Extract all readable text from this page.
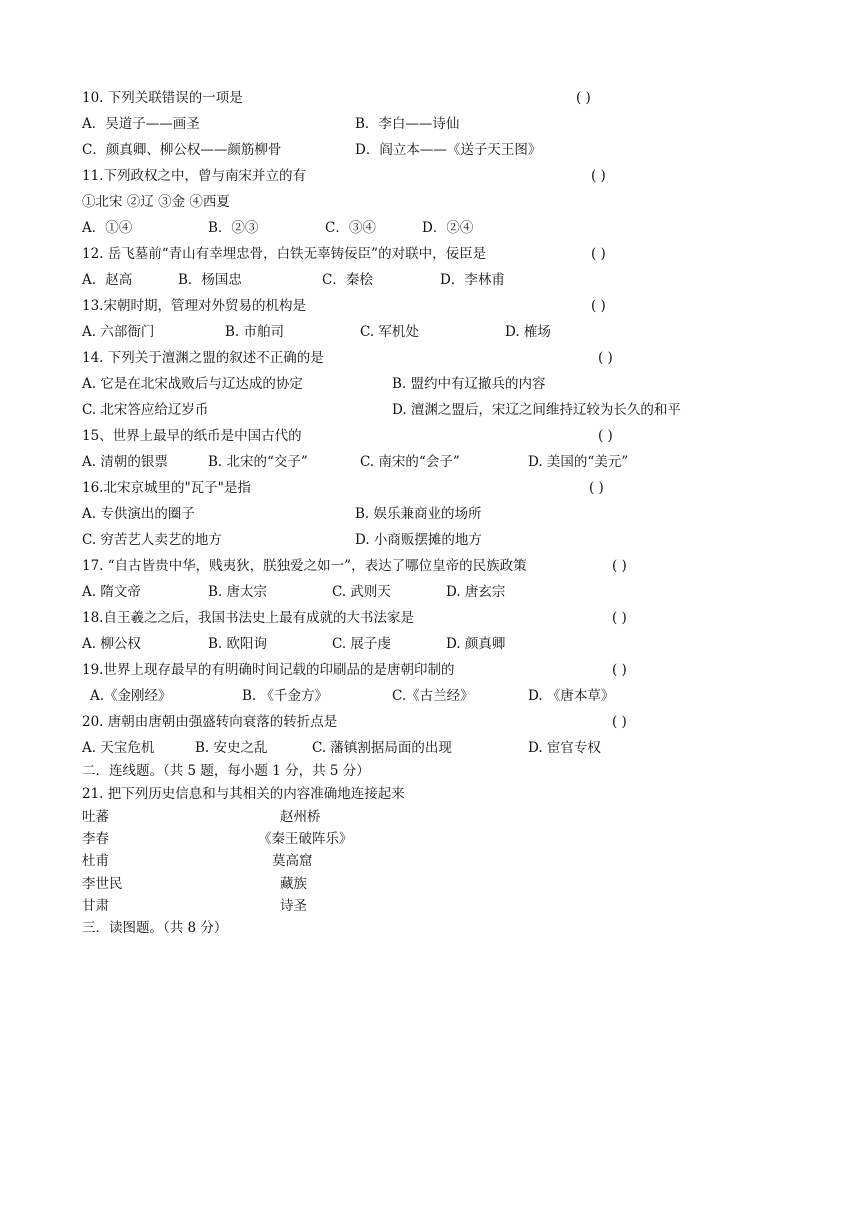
10. 下列关联错误的一项是	( )
A．吴道子——画圣	B．李白——诗仙
C．颜真卿、柳公权——颜筋柳骨	D．阎立本——《送子天王图》
11.下列政权之中，曾与南宋并立的有	( )
①北宋 ②辽 ③金 ④西夏
A．①④	B．②③	C．③④	D．②④
12. 岳飞墓前“青山有幸埋忠骨，白铁无辜铸佞臣”的对联中，佞臣是	( )
A．赵高	B．杨国忠	C．秦桧	D．李林甫
13.宋朝时期，管理对外贸易的机构是	( )
A. 六部衙门	B. 市舶司	C. 军机处	D. 榷场
14. 下列关于澶渊之盟的叙述不正确的是	( )
A. 它是在北宋战败后与辽达成的协定	B. 盟约中有辽撤兵的内容
C. 北宋答应给辽岁币	D. 澶渊之盟后，宋辽之间维持辽较为长久的和平
15、世界上最早的纸币是中国古代的	( )
A. 清朝的银票	B. 北宋的“交子”	C. 南宋的“会子”	D. 美国的“美元”
16.北宋京城里的"瓦子"是指	( )
A. 专供演出的圈子	B. 娱乐兼商业的场所
C. 穷苦艺人卖艺的地方	D. 小商贩摆摊的地方
17. “自古皆贵中华，贱夷狄，朕独爱之如一”，表达了哪位皇帝的民族政策	( )
A. 隋文帝	B. 唐太宗	C. 武则天	D. 唐玄宗
18.自王羲之之后，我国书法史上最有成就的大书法家是	( )
A. 柳公权	B. 欧阳询	C. 展子虔	D. 颜真卿
19.世界上现存最早的有明确时间记载的印刷品的是唐朝印制的	( )
A.《金刚经》	B. 《千金方》	C.《古兰经》	D. 《唐本草》
20. 唐朝由唐朝由强盛转向衰落的转折点是	( )
A. 天宝危机	B. 安史之乱	C. 藩镇割据局面的出现	D. 宦官专权
二．连线题。（共 5 题，每小题 1 分，共 5 分）
21. 把下列历史信息和与其相关的内容准确地连接起来
吐蕃	赵州桥
李春	《秦王破阵乐》
杜甫	莫高窟
李世民	藏族
甘肃	诗圣
三．读图题。（共 8 分）
